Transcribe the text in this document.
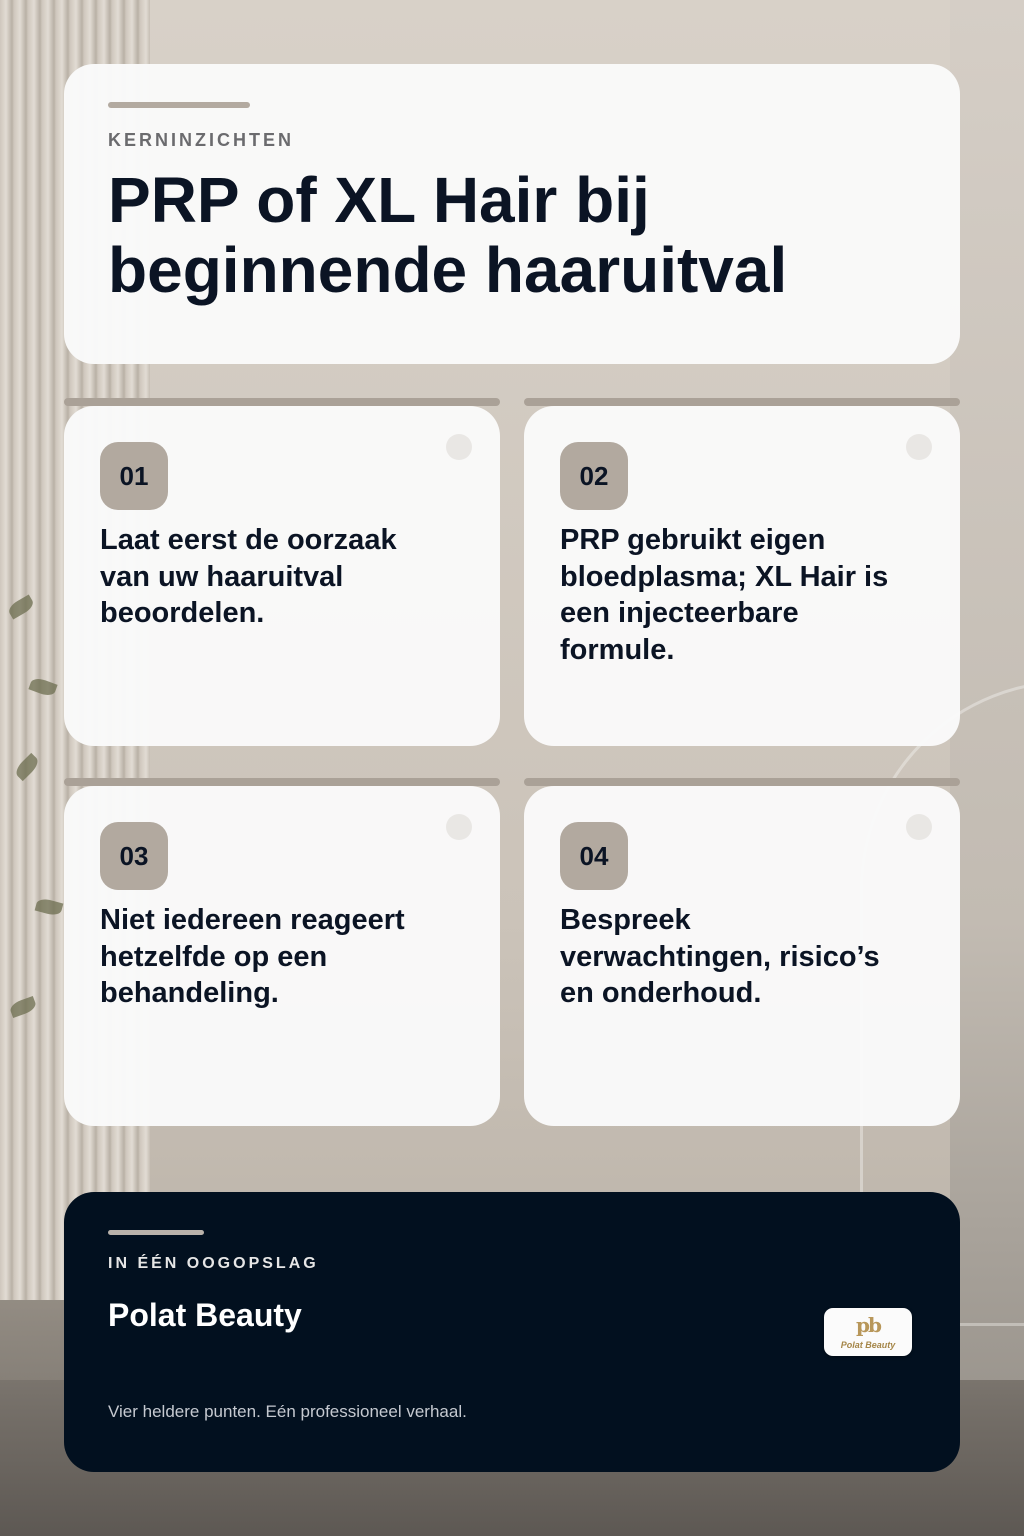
KERNINZICHTEN
PRP of XL Hair bij beginnende haaruitval
01
Laat eerst de oorzaak van uw haaruitval beoordelen.
02
PRP gebruikt eigen bloedplasma; XL Hair is een injecteerbare formule.
03
Niet iedereen reageert hetzelfde op een behandeling.
04
Bespreek verwachtingen, risico’s en onderhoud.
IN ÉÉN OOGOPSLAG
Polat Beauty	pb
Polat Beauty
Vier heldere punten. Eén professioneel verhaal.
